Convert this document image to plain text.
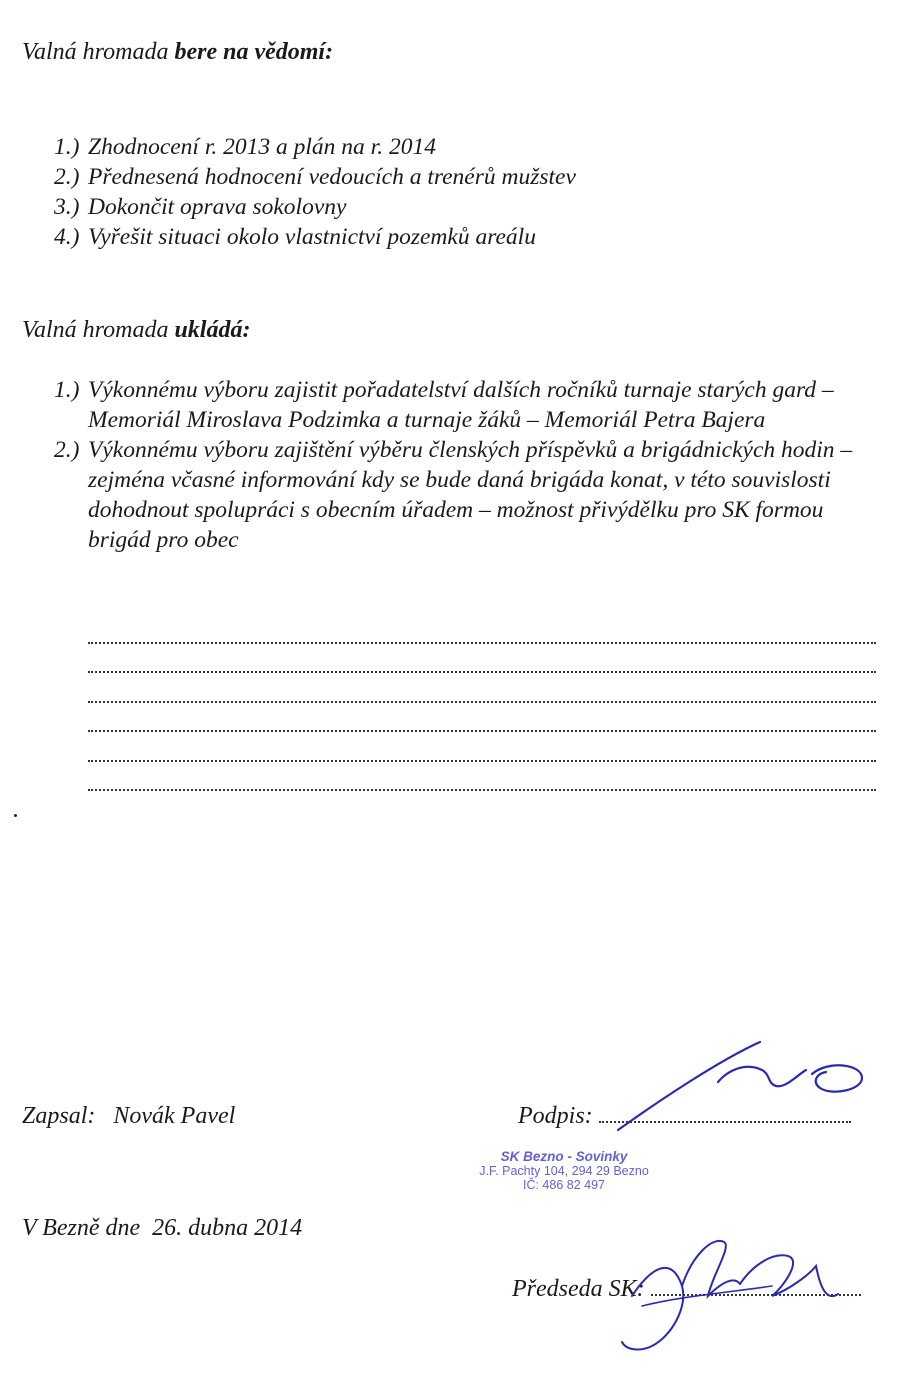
Valná hromada bere na vědomí:
1.) Zhodnocení r. 2013 a plán na r. 2014
2.) Přednesená hodnocení vedoucích a trenérů mužstev
3.) Dokončit oprava sokolovny
4.) Vyřešit situaci okolo vlastnictví pozemků areálu
Valná hromada ukládá:
1.) Výkonnému výboru zajistit pořadatelství dalších ročníků turnaje starých gard – Memoriál Miroslava Podzimka a turnaje žáků – Memoriál Petra Bajera
2.) Výkonnému výboru zajištění výběru členských příspěvků a brigádnických hodin – zejména včasné informování kdy se bude daná brigáda konat, v této souvislosti dohodnout spolupráci s obecním úřadem – možnost přivýdělku pro SK formou brigád pro obec
Zapsal: Novák Pavel	Podpis:
SK Bezno - Sovinky
J.F. Pachty 104, 294 29 Bezno
IČ: 486 82 497
V Bezně dne  26. dubna 2014
Předseda SK:
